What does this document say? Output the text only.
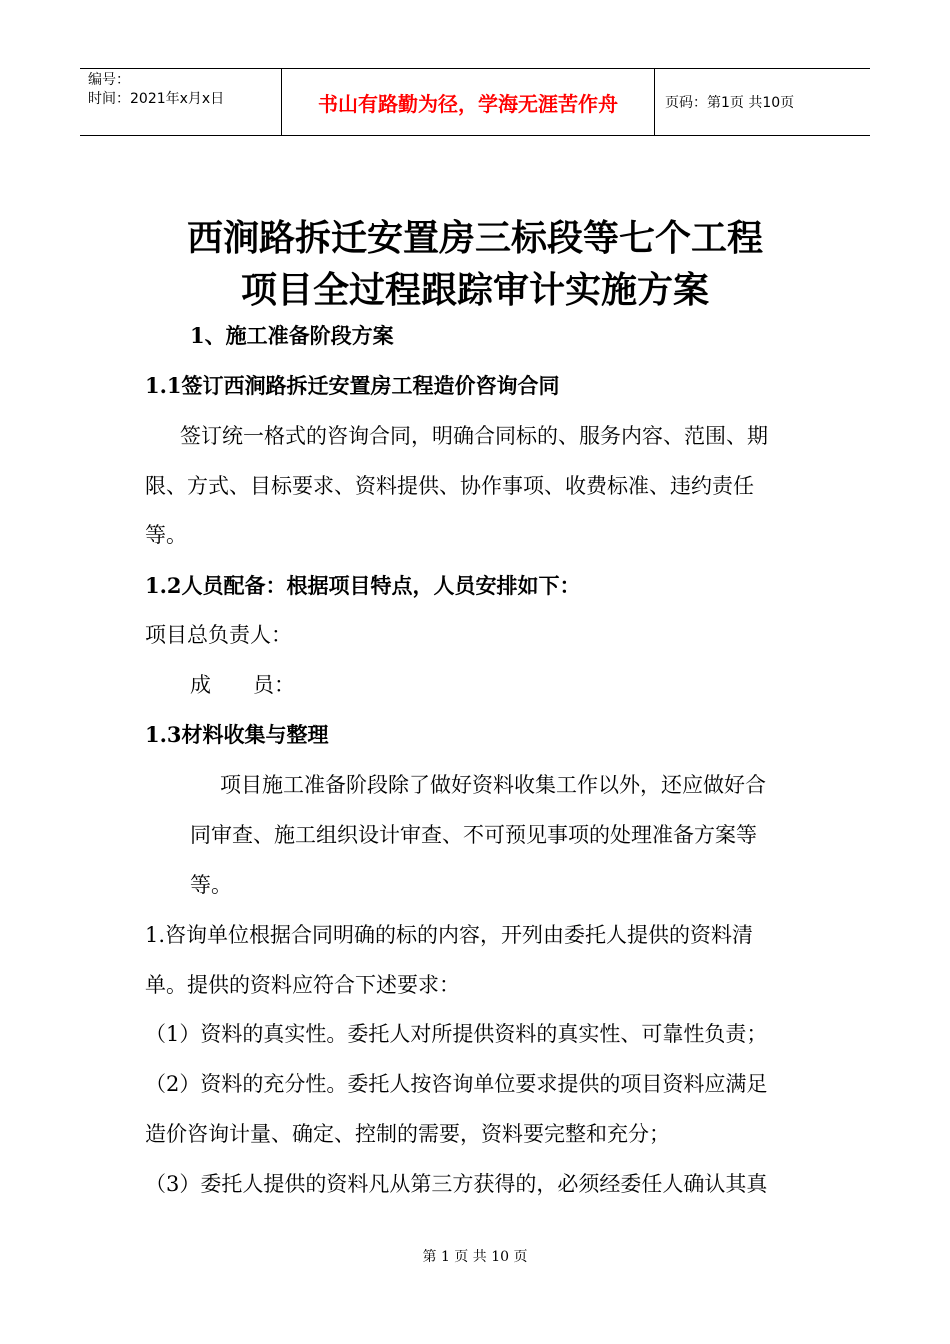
编号：
时间：2021年x月x日	书山有路勤为径，学海无涯苦作舟	页码：第1页 共10页
西涧路拆迁安置房三标段等七个工程
项目全过程跟踪审计实施方案
1、施工准备阶段方案
1.1签订西涧路拆迁安置房工程造价咨询合同
签订统一格式的咨询合同，明确合同标的、服务内容、范围、期
限、方式、目标要求、资料提供、协作事项、收费标准、违约责任
等。
1.2人员配备：根据项目特点，人员安排如下：
项目总负责人：
成　　员：
1.3材料收集与整理
项目施工准备阶段除了做好资料收集工作以外，还应做好合
同审查、施工组织设计审查、不可预见事项的处理准备方案等
等。
1.咨询单位根据合同明确的标的内容，开列由委托人提供的资料清
单。提供的资料应符合下述要求：
（1）资料的真实性。委托人对所提供资料的真实性、可靠性负责；
（2）资料的充分性。委托人按咨询单位要求提供的项目资料应满足
造价咨询计量、确定、控制的需要，资料要完整和充分；
（3）委托人提供的资料凡从第三方获得的，必须经委任人确认其真
第 1 页 共 10 页
